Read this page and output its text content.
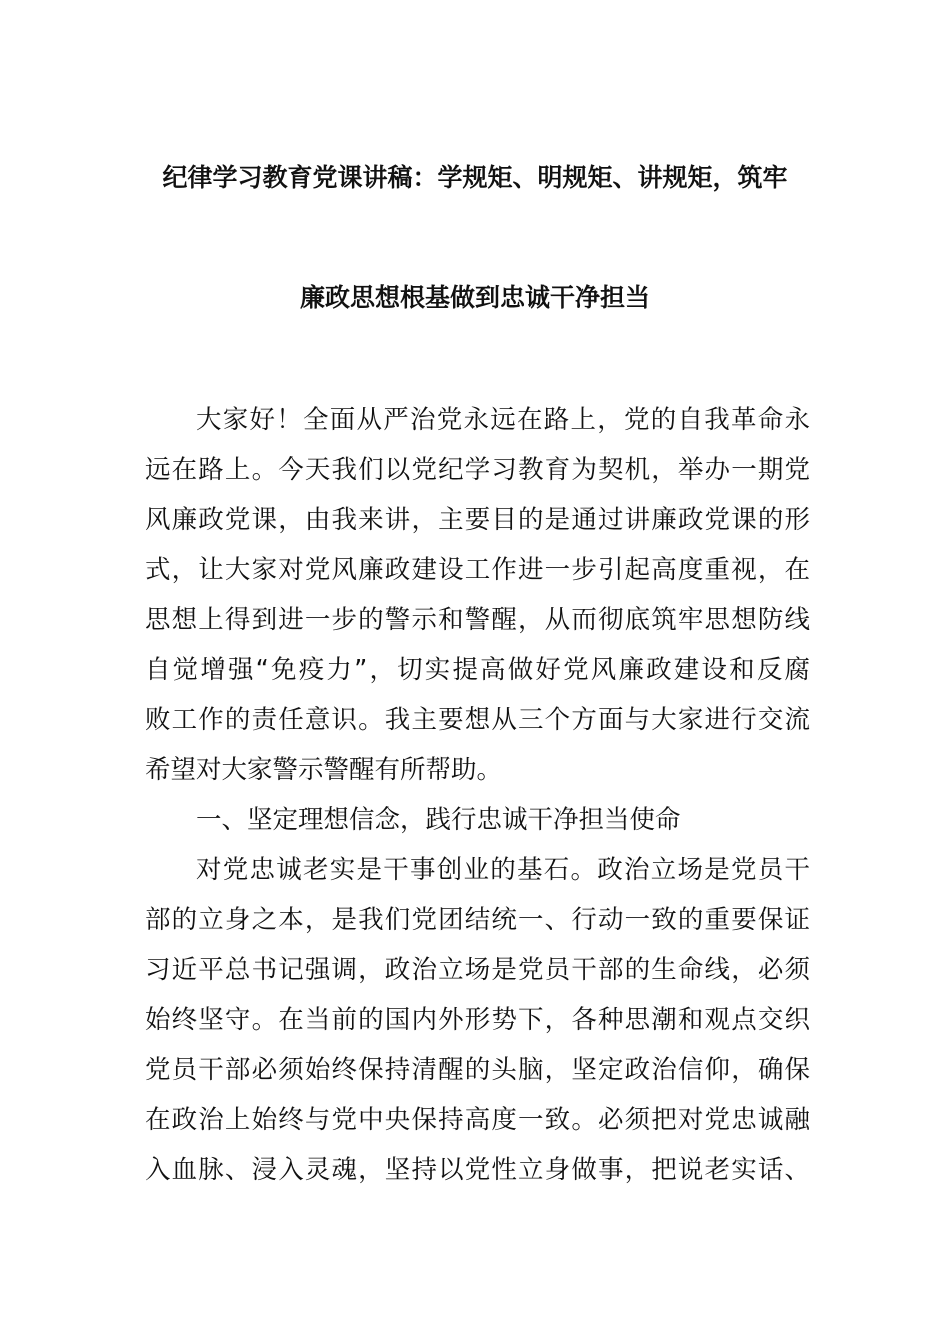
纪律学习教育党课讲稿：学规矩、明规矩、讲规矩，筑牢
廉政思想根基做到忠诚干净担当
大家好！全面从严治党永远在路上，党的自我革命永
远在路上。今天我们以党纪学习教育为契机，举办一期党
风廉政党课，由我来讲，主要目的是通过讲廉政党课的形
式，让大家对党风廉政建设工作进一步引起高度重视，在
思想上得到进一步的警示和警醒，从而彻底筑牢思想防线
自觉增强“免疫力”，切实提高做好党风廉政建设和反腐
败工作的责任意识。我主要想从三个方面与大家进行交流
希望对大家警示警醒有所帮助。
一、坚定理想信念，践行忠诚干净担当使命
对党忠诚老实是干事创业的基石。政治立场是党员干
部的立身之本，是我们党团结统一、行动一致的重要保证
习近平总书记强调，政治立场是党员干部的生命线，必须
始终坚守。在当前的国内外形势下，各种思潮和观点交织
党员干部必须始终保持清醒的头脑，坚定政治信仰，确保
在政治上始终与党中央保持高度一致。必须把对党忠诚融
入血脉、浸入灵魂，坚持以党性立身做事，把说老实话、
